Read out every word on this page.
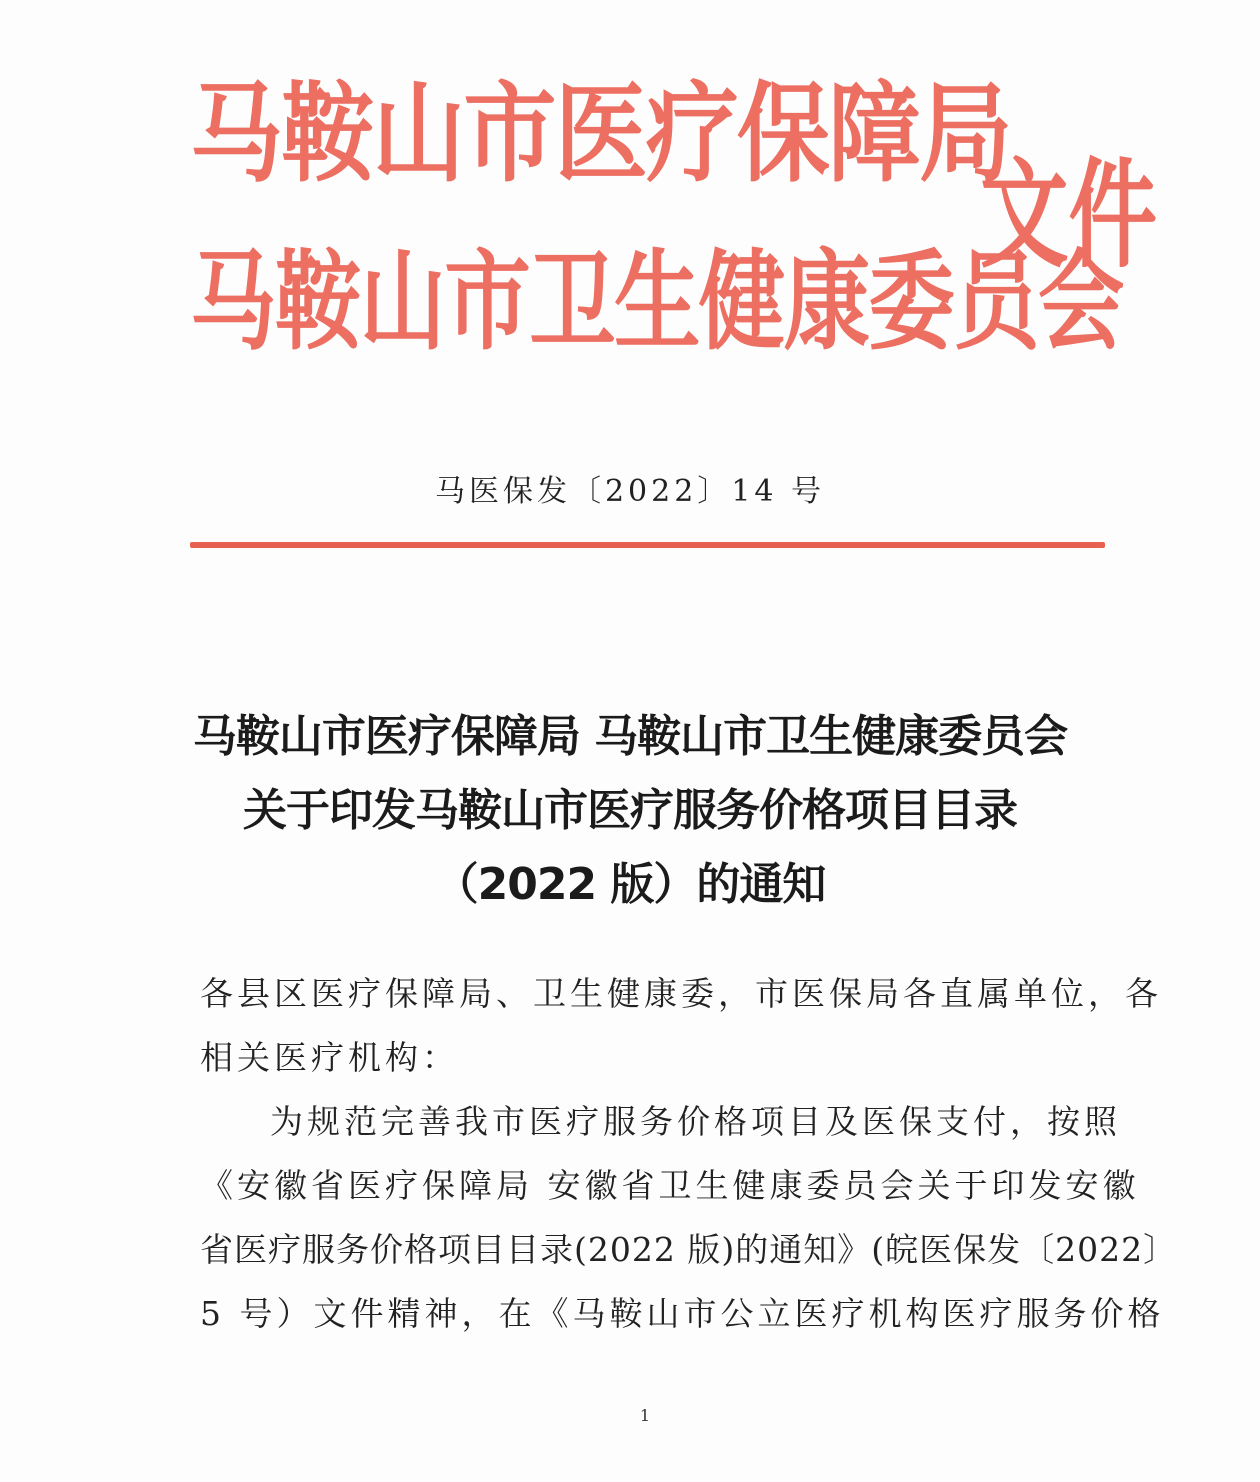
马鞍山市医疗保障局
马鞍山市卫生健康委员会
文件
马医保发〔2022〕14 号
马鞍山市医疗保障局 马鞍山市卫生健康委员会
关于印发马鞍山市医疗服务价格项目目录
（2022 版）的通知
各县区医疗保障局、卫生健康委，市医保局各直属单位，各
相关医疗机构：
为规范完善我市医疗服务价格项目及医保支付，按照
《安徽省医疗保障局 安徽省卫生健康委员会关于印发安徽
省医疗服务价格项目目录(2022 版)的通知》(皖医保发〔2022〕
5 号）文件精神，在《马鞍山市公立医疗机构医疗服务价格
1
